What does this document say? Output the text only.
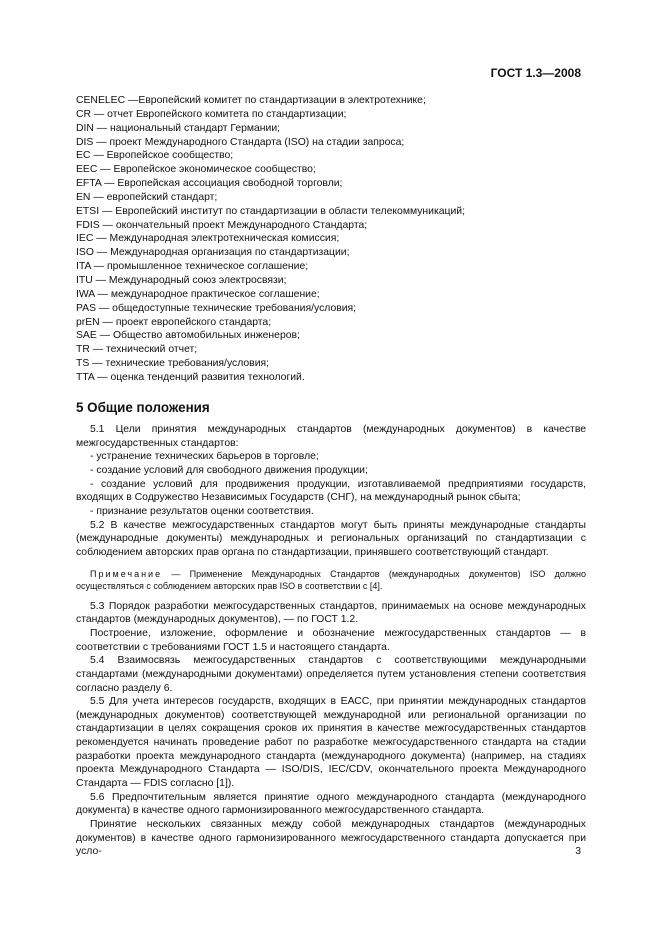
ГОСТ 1.3—2008
CENELEC —Европейский комитет по стандартизации в электротехнике;
CR — отчет Европейского комитета по стандартизации;
DIN — национальный стандарт Германии;
DIS — проект Международного Стандарта (ISO) на стадии запроса;
EC — Европейское сообщество;
EEC — Европейское экономическое сообщество;
EFTA — Европейская ассоциация свободной торговли;
EN — европейский стандарт;
ETSI — Европейский институт по стандартизации в области телекоммуникаций;
FDIS — окончательный проект Международного Стандарта;
IEC — Международная электротехническая комиссия;
ISO — Международная организация по стандартизации;
ITA — промышленное техническое соглашение;
ITU — Международный союз электросвязи;
IWA — международное практическое соглашение;
PAS — общедоступные технические требования/условия;
prEN — проект европейского стандарта;
SAE — Общество автомобильных инженеров;
TR — технический отчет;
TS — технические требования/условия;
TTA — оценка тенденций развития технологий.
5 Общие положения

5.1 Цели принятия международных стандартов (международных документов) в качестве межгосударственных стандартов:

- устранение технических барьеров в торговле;

- создание условий для свободного движения продукции;

- создание условий для продвижения продукции, изготавливаемой предприятиями государств, входящих в Содружество Независимых Государств (СНГ), на международный рынок сбыта;

- признание результатов оценки соответствия.

5.2 В качестве межгосударственных стандартов могут быть приняты международные стандарты (международные документы) международных и региональных организаций по стандартизации с соблюдением авторских прав органа по стандартизации, принявшего соответствующий стандарт.

Примечание — Применение Международных Стандартов (международных документов) ISO должно осуществляться с соблюдением авторских прав ISO в соответствии с [4].

5.3 Порядок разработки межгосударственных стандартов, принимаемых на основе международных стандартов (международных документов), — по ГОСТ 1.2.

Построение, изложение, оформление и обозначение межгосударственных стандартов — в соответствии с требованиями ГОСТ 1.5 и настоящего стандарта.

5.4 Взаимосвязь межгосударственных стандартов с соответствующими международными стандартами (международными документами) определяется путем установления степени соответствия согласно разделу 6.

5.5 Для учета интересов государств, входящих в ЕАСС, при принятии международных стандартов (международных документов) соответствующей международной или региональной организации по стандартизации в целях сокращения сроков их принятия в качестве межгосударственных стандартов рекомендуется начинать проведение работ по разработке межгосударственного стандарта на стадии разработки проекта международного стандарта (международного документа) (например, на стадиях проекта Международного Стандарта — ISO/DIS, IEC/CDV, окончательного проекта Международного Стандарта — FDIS согласно [1]).

5.6 Предпочтительным является принятие одного международного стандарта (международного документа) в качестве одного гармонизированного межгосударственного стандарта.

Принятие нескольких связанных между собой международных стандартов (международных документов) в качестве одного гармонизированного межгосударственного стандарта допускается при усло-	3
